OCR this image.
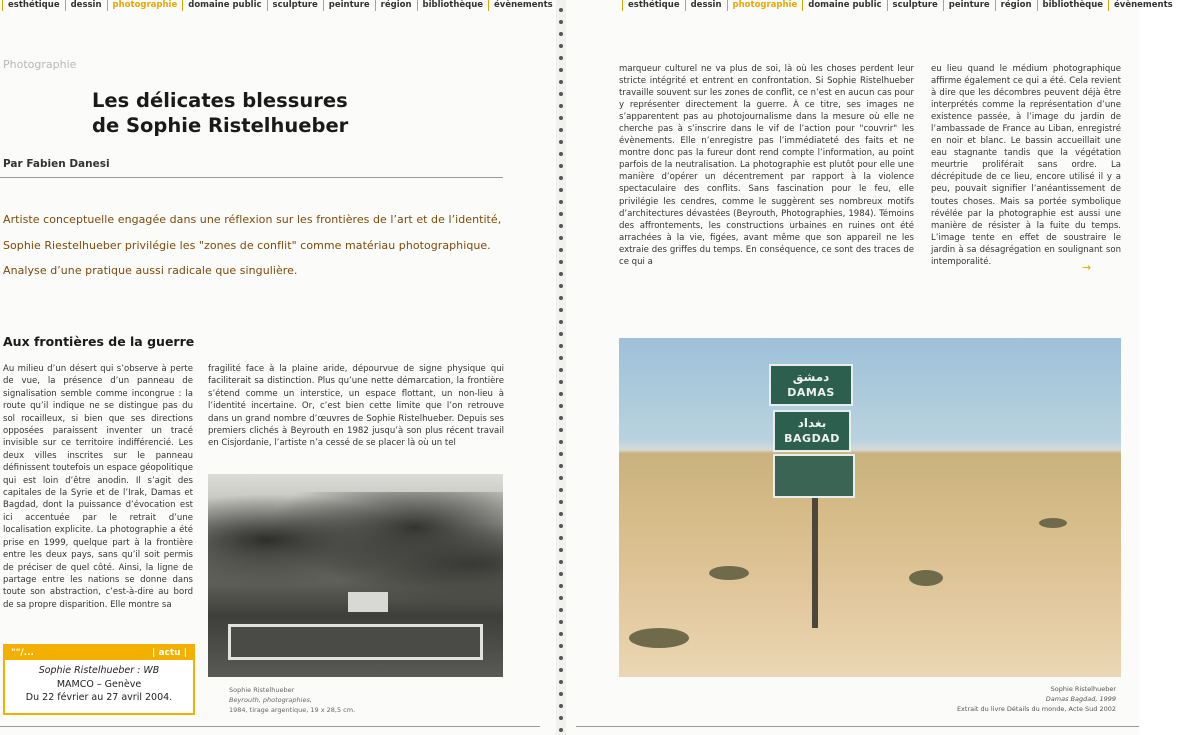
esthétique	dessin	photographie	domaine public	sculpture	peinture	région	bibliothèque	évènements
Photographie
Les délicates blessures
de Sophie Ristelhueber
Par Fabien Danesi
Artiste conceptuelle engagée dans une réflexion sur les frontières de l’art et de l’identité,
Sophie Riestelhueber privilégie les "zones de conflit" comme matériau photographique.
Analyse d’une pratique aussi radicale que singulière.
Aux frontières de la guerre
Au milieu d’un désert qui s’observe à perte de vue, la présence d’un panneau de signalisation semble comme incongrue : la route qu’il indique ne se distingue pas du sol rocailleux, si bien que ses directions opposées paraissent inventer un tracé invisible sur ce territoire indifférencié. Les deux villes inscrites sur le panneau définissent toutefois un espace géopolitique qui est loin d’être anodin. Il s’agit des capitales de la Syrie et de l’Irak, Damas et Bagdad, dont la puissance d’évocation est ici accentuée par le retrait d’une localisation explicite. La photographie a été prise en 1999, quelque part à la frontière entre les deux pays, sans qu’il soit permis de préciser de quel côté. Ainsi, la ligne de partage entre les nations se donne dans toute son abstraction, c’est-à-dire au bord de sa propre disparition. Elle montre sa
fragilité face à la plaine aride, dépourvue de signe physique qui faciliterait sa distinction. Plus qu’une nette démarcation, la frontière s’étend comme un interstice, un espace flottant, un non-lieu à l’identité incertaine. Or, c’est bien cette limite que l’on retrouve dans un grand nombre d’œuvres de Sophie Ristelhueber. Depuis ses premiers clichés à Beyrouth en 1982 jusqu’à son plus récent travail en Cisjordanie, l’artiste n’a cessé de se placer là où un tel
Sophie Ristelhueber
Beyrouth, photographies,
1984, tirage argentique, 19 x 28,5 cm.
""/...	| actu |
Sophie Ristelhueber : WB
MAMCO – Genève
Du 22 février au 27 avril 2004.
esthétique	dessin	photographie	domaine public	sculpture	peinture	région	bibliothèque	évènements
marqueur culturel ne va plus de soi, là où les choses perdent leur stricte intégrité et entrent en confrontation. Si Sophie Ristelhueber travaille souvent sur les zones de conflit, ce n’est en aucun cas pour y représenter directement la guerre. À ce titre, ses images ne s’apparentent pas au photojournalisme dans la mesure où elle ne cherche pas à s’inscrire dans le vif de l’action pour "couvrir" les évènements. Elle n’enregistre pas l’immédiateté des faits et ne montre donc pas la fureur dont rend compte l’information, au point parfois de la neutralisation. La photographie est plutôt pour elle une manière d’opérer un décentrement par rapport à la violence spectaculaire des conflits. Sans fascination pour le feu, elle privilégie les cendres, comme le suggèrent ses nombreux motifs d’architectures dévastées (Beyrouth, Photographies, 1984). Témoins des affrontements, les constructions urbaines en ruines ont été arrachées à la vie, figées, avant même que son appareil ne les extraie des griffes du temps. En conséquence, ce sont des traces de ce qui a
eu lieu quand le médium photographique affirme également ce qui a été. Cela revient à dire que les décombres peuvent déjà être interprétés comme la représentation d’une existence passée, à l’image du jardin de l’ambassade de France au Liban, enregistré en noir et blanc. Le bassin accueillait une eau stagnante tandis que la végétation meurtrie proliférait sans ordre. La décrépitude de ce lieu, encore utilisé il y a peu, pouvait signifier l’anéantissement de toutes choses. Mais sa portée symbolique révélée par la photographie est aussi une manière de résister à la fuite du temps. L’image tente en effet de soustraire le jardin à sa désagrégation en soulignant son intemporalité.	→
دمشق
DAMAS
بغداد
BAGDAD
Sophie Ristelhueber
Damas Bagdad, 1999
Extrait du livre Détails du monde, Acte Sud 2002
